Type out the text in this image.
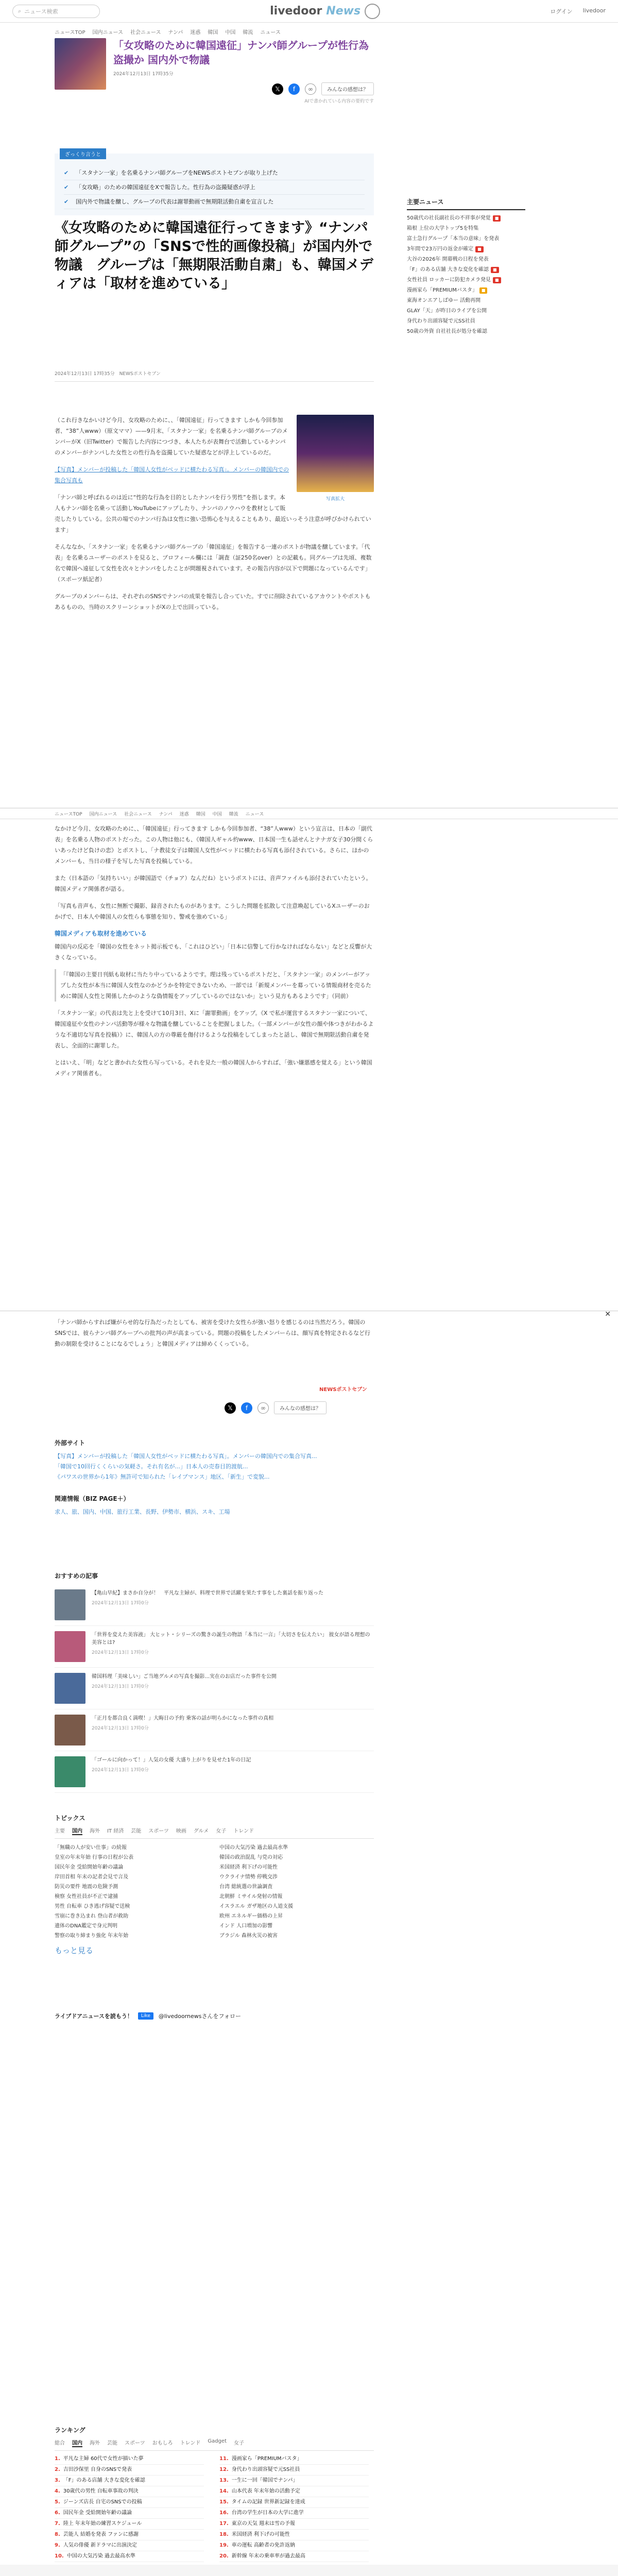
⌕ ニュース検索	livedoor News	ログイン livedoor
ニュースTOP 国内ニュース 社会ニュース ナンパ 迷惑 韓国 中国 韓流 ニュース
「女攻略のために韓国遠征」ナンパ師グループが性行為盗撮か 国内外で物議
2024年12月13日 17時35分
𝕏	f	∞	みんなの感想は？
AIで書かれている内容の要約です
ざっくり言うと
✔ 「スタナン一家」を名乗るナンパ師グループをNEWSポストセブンが取り上げた
✔ 「女攻略」のための韓国遠征をXで報告した。性行為の盗撮疑惑が浮上
✔ 国内外で物議を醸し、グループの代表は謝罪動画で無期限活動自粛を宣言した
《女攻略のために韓国遠征行ってきます》“ナンパ師グループ”の「SNSで性的画像投稿」が国内外で物議　グループは「無期限活動自粛」も、韓国メディアは「取材を進めている」
2024年12月13日 17時35分　NEWSポストセブン
写真拡大

（これ行きなかいけど今月、女攻略のために、、「韓国遠征」行ってきます しかも今回参加者、“38”人www）（原文ママ）——9月末、「スタナン一家」を名乗るナンパ師グループのメンバーがX（旧Twitter）で報告した内容につづき、本人たちが表舞台で活動しているナンパのメンバーがナンパした女性との性行為を盗撮していた疑惑などが浮上しているのだ。

【写真】メンバーが投稿した「韓国人女性がベッドに横たわる写真」。メンバーの韓国内での集合写真も

「ナンパ師と呼ばれるのは近に“性的な行為を目的としたナンパを行う男性”を指します。本人もナンパ師を名乗って活動しYouTubeにアップしたり、ナンパのノウハウを教材として販売したりしている。公共の場でのナンパ行為は女性に強い恐怖心を与えることもあり、最近いっそう注意が呼びかけられています」

そんななか、「スタナン一家」を名乗るナンパ師グループの「韓国遠征」を報告する一連のポストが物議を醸しています。「代表」を名乗るユーザーのポストを見ると、プロフィール欄には「調査（証250名over）との記載も。同グループは先頃、複数名で韓国へ遠征して女性を次々とナンパをしたことが問題視されています。その報告内容が以下で問題になっているんです」（スポーツ紙記者）

グループのメンバーらは、それぞれのSNSでナンパの成果を報告し合っていた。すでに削除されているアカウントやポストもあるものの、当時のスクリーンショットがXの上で出回っている。

主要ニュース
50歳代の社長副社長の不祥事が発覚 ■
箱根 上位の大学トップ5を特集
富士急行グループ「本当の意味」を発表
3年間で23万円の返金が確定 ■
大谷の2026年 開幕戦の日程を発表
「F」のある店舗 大きな変化を確認 ■
女性社員 ロッカーに防犯カメラ発見 ■
漫画家ら「PREMIUMバスタ」 ■
東海オンエアしばゆー 活動再開
GLAY「天」が昨日のライブを公開
身代わり出頭容疑で元SS社員
50歳の外資 自社社長が処分を確認
ニュースTOP 国内ニュース 社会ニュース ナンパ 迷惑 韓国 中国 韓流 ニュース

なかけど今月、女攻略のために、、「韓国遠征」行ってきます しかも今回参加者、“38”人www）という宣言は、日本の「副代表」を名乗る人物のポストだった。この人物は他にも、《韓国人ギャル約www、日本国一生も話せんとナナガ女子30分間くらいあったけど負けの恋》とポストし、「ナ教徒女子は韓国人女性がベッドに横たわる写真も添付されている。さらに、ほかのメンバーも、当日の様子を写した写真を投稿している。

また（日本語の「気持ちいい」が韓国語で（チョア）なんだね）というポストには、音声ファイルも添付されていたという。韓国メディア関係者が語る。

「写真も音声も、女性に無断で撮影、録音されたものがあります。こうした問題を拡散して注意喚起しているXユーザーのおかげで、日本人や韓国人の女性らも事態を知り、警戒を強めている」

韓国メディアも取材を進めている

韓国内の反応を「韓国の女性をネット掲示板でも、「これはひどい」「日本に信警して行かなければならない」などと反響が大きくなっている。

「『韓国の主要日刊紙も取材に当たり中っているようです。理は残っているポストだと、「スタナン一家」のメンバーがアップした女性が本当に韓国人女性なのかどうかを特定できないため、一部では「新規メンバーを募っている情報商材を売るために韓国人女性と関係したかのような偽情報をアップしているのではないか」という見方もあるようです」（同前）

「スタナン一家」の代表は先と上を受けて10月3日、Xに「謝罪動画」をアップ。《X で私が運営するスタナン一家について、韓国遠征や女性のナンパ活動等が様々な物議を醸していることを把握しました。（一部メンバーが女性の顔や体つきがわかるような不適切な写真を投稿）》に、韓国人の方の尊厳を傷付けるような投稿をしてしまったと話し、韓国で無期限活動自粛を発表し、全面的に謝罪した。

とはいえ、「明」などと書かれた女性ら写っている。それを見た一般の韓国人からすれば、「強い嫌悪感を覚える」という韓国メディア関係者も。

✕

「ナンパ師からすれば嫌がらせ的な行為だったとしても、被害を受けた女性らが強い怒りを感じるのは当然だろう。韓国のSNSでは、彼らナンパ師グループへの批判の声が高まっている。問題の投稿をしたメンバーらは、顔写真を特定されるなど行動の制限を受けることになるでしょう」と韓国メディアは締めくくっている。

NEWSポストセブン
𝕏	f	∞	みんなの感想は？
外部サイト
【写真】メンバーが投稿した「韓国人女性がベッドに横たわる写真」。メンバーの韓国内での集合写真...
「韓国で10回行くくらいの気軽さ。それ有名が...」日本人の売春目的渡航...
《パワスの世界から1年》無許可で知られた「レイプマンス」地区、「新生」で変貌...
関連情報（BIZ PAGE＋）
求人、旅、国内、中国、旅行工業、長野、伊勢市、横浜、スキ、工場
おすすめの記事
【亀山早紀】まさか自分が！　平凡な主婦が、料理で世界で活躍を果たす事をした裏話を振り返った
2024年12月13日 17時0分
「世界を変えた美容液」 大ヒット・シリーズの驚きの誕生の物語「本当に一言」「大切さを伝えたい」 彼女が語る理想の美容とは?
2024年12月13日 17時0分
韓国料理「美味しい」ご当地グルメの写真を撮影...実在のお店だった事件を公開
2024年12月13日 17時0分
「正月を都合良く満喫！」大晦日の予約 乗客の話が明らかになった事件の真相
2024年12月13日 17時0分
「ゴールに向かって！」人気の女優 大盛り上がりを見せた1年の日記
2024年12月13日 17時0分
トピックス
主要 国内 海外 IT 経済 芸能 スポーツ 映画 グルメ 女子 トレンド
「無職の人が安い仕事」の続報
皇室の年末年始 行事の日程が公表
国民年金 受給開始年齢の議論
岸田首相 年末の記者会見で言及
防災の要件 地震の危険予測
検察 女性社員が不正で逮捕
男性 自転車 ひき逃げ容疑で送検
雪崩に巻き込まれ 登山者が救助
遺体のDNA鑑定で身元判明
警察の取り締まり強化 年末年始
中国の大気汚染 過去最高水準
韓国の政治混乱 与党の対応
米国経済 利下げの可能性
ウクライナ情勢 停戦交渉
台湾 総統選の世論調査
北朝鮮 ミサイル発射の情報
イスラエル ガザ地区の人道支援
欧州 エネルギー価格の上昇
インド 人口増加の影響
ブラジル 森林火災の被害
もっと見る
ライブドアニュースを読もう！	Like	@livedoornewsさんをフォロー
ランキング
総合 国内 海外 芸能 スポーツ おもしろ トレンド Gadget 女子
1. 平凡な主婦 60代で女性が描いた夢
2. 吉田沙保里 自身のSNSで発表
3. 「F」のある店舗 大きな変化を確認
4. 30歳代の男性 自転車事故の判決
5. ジーンズ店長 自宅のSNSでの投稿
6. 国民年金 受給開始年齢の議論
7. 陸上 年末年始の練習スケジュール
8. 芸能人 結婚を発表 ファンに感謝
9. 人気の俳優 新ドラマに出演決定
10. 中国の大気汚染 過去最高水準
11. 漫画家ら「PREMIUMバスタ」
12. 身代わり出頭容疑で元SS社員
13. 一生に一回「韓国でナンパ」
14. 山本代表 年末年始の活動予定
15. タイムの記録 世界新記録を達成
16. 台湾の学生が日本の大学に進学
17. 東京の天気 週末は雪の予報
18. 米国経済 利下げの可能性
19. 車の運転 高齢者の免許返納
20. 新幹線 年末の乗車率が過去最高
